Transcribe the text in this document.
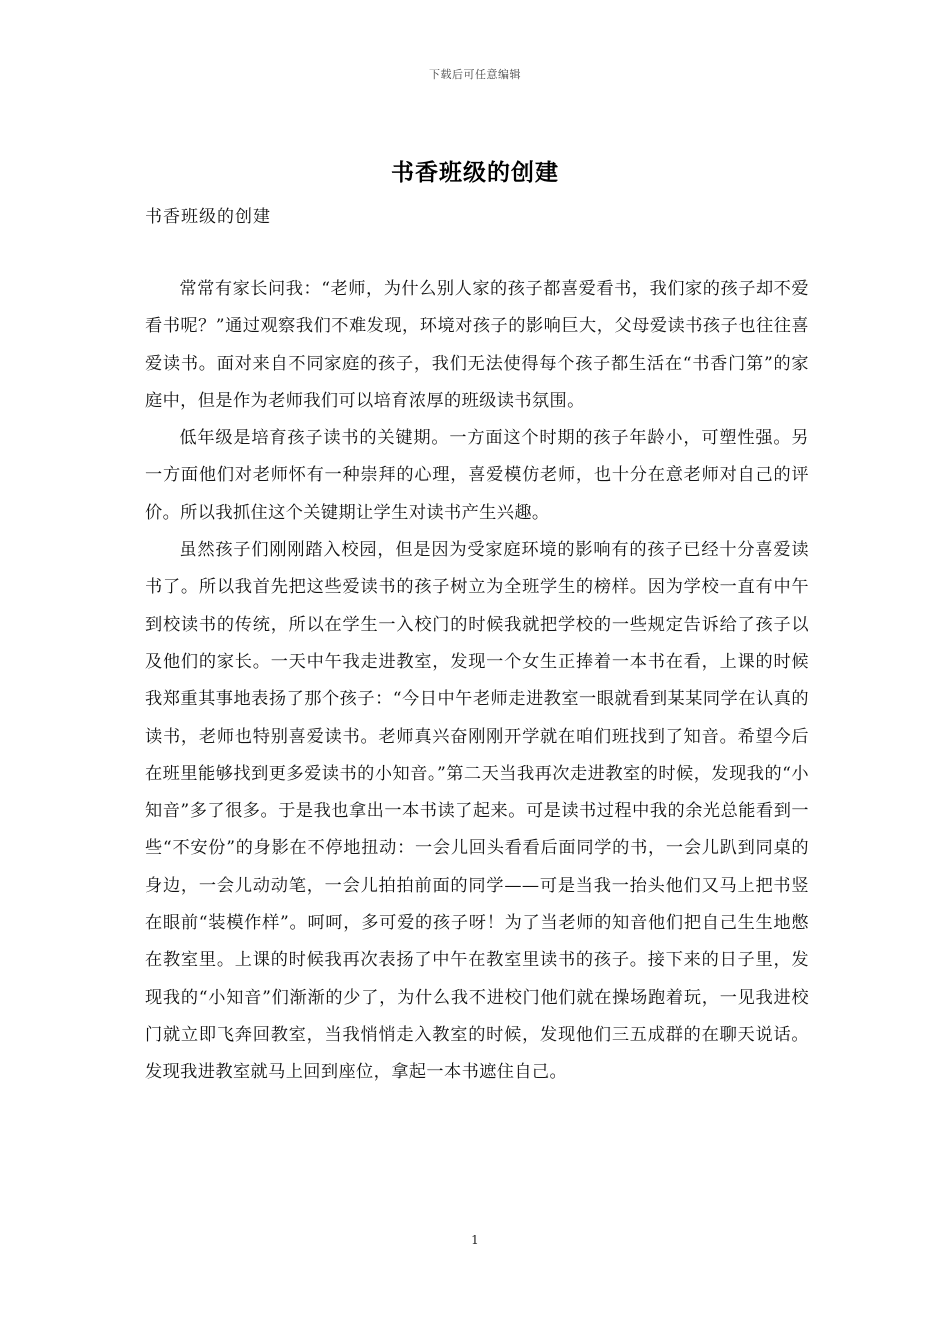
下载后可任意编辑
书香班级的创建
书香班级的创建

常常有家长问我：“老师，为什么别人家的孩子都喜爱看书，我们家的孩子却不爱看书呢？”通过观察我们不难发现，环境对孩子的影响巨大，父母爱读书孩子也往往喜爱读书。面对来自不同家庭的孩子，我们无法使得每个孩子都生活在“书香门第”的家庭中，但是作为老师我们可以培育浓厚的班级读书氛围。

低年级是培育孩子读书的关键期。一方面这个时期的孩子年龄小，可塑性强。另一方面他们对老师怀有一种崇拜的心理，喜爱模仿老师，也十分在意老师对自己的评价。所以我抓住这个关键期让学生对读书产生兴趣。

虽然孩子们刚刚踏入校园，但是因为受家庭环境的影响有的孩子已经十分喜爱读书了。所以我首先把这些爱读书的孩子树立为全班学生的榜样。因为学校一直有中午到校读书的传统，所以在学生一入校门的时候我就把学校的一些规定告诉给了孩子以及他们的家长。一天中午我走进教室，发现一个女生正捧着一本书在看，上课的时候我郑重其事地表扬了那个孩子：“今日中午老师走进教室一眼就看到某某同学在认真的读书，老师也特别喜爱读书。老师真兴奋刚刚开学就在咱们班找到了知音。希望今后在班里能够找到更多爱读书的小知音。”第二天当我再次走进教室的时候，发现我的“小知音”多了很多。于是我也拿出一本书读了起来。可是读书过程中我的余光总能看到一些“不安份”的身影在不停地扭动：一会儿回头看看后面同学的书，一会儿趴到同桌的身边，一会儿动动笔，一会儿拍拍前面的同学——可是当我一抬头他们又马上把书竖在眼前“装模作样”。呵呵，多可爱的孩子呀！为了当老师的知音他们把自己生生地憋在教室里。上课的时候我再次表扬了中午在教室里读书的孩子。接下来的日子里，发现我的“小知音”们渐渐的少了，为什么我不进校门他们就在操场跑着玩，一见我进校门就立即飞奔回教室，当我悄悄走入教室的时候，发现他们三五成群的在聊天说话。发现我进教室就马上回到座位，拿起一本书遮住自己。

1
